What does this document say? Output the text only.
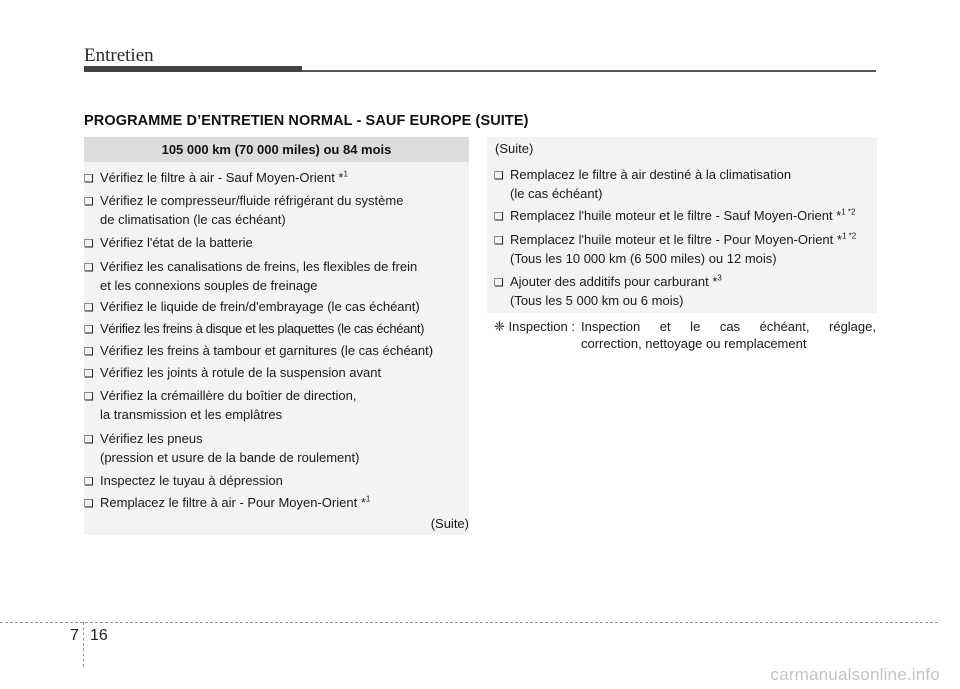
Entretien
PROGRAMME D’ENTRETIEN NORMAL - SAUF EUROPE (SUITE)
105 000 km (70 000 miles) ou 84 mois
❑ Vérifiez le filtre à air - Sauf Moyen-Orient *$^1$
❑ Vérifiez le compresseur/fluide réfrigérant du système
de climatisation (le cas échéant)
❑ Vérifiez l'état de la batterie
❑ Vérifiez les canalisations de freins, les flexibles de frein
et les connexions souples de freinage
❑ Vérifiez le liquide de frein/d'embrayage (le cas échéant)
❑ Vérifiez les freins à disque et les plaquettes (le cas échéant)
❑ Vérifiez les freins à tambour et garnitures (le cas échéant)
❑ Vérifiez les joints à rotule de la suspension avant
❑ Vérifiez la crémaillère du boîtier de direction,
la transmission et les emplâtres
❑ Vérifiez les pneus
(pression et usure de la bande de roulement)
❑ Inspectez le tuyau à dépression
❑ Remplacez le filtre à air - Pour Moyen-Orient *$^1$
(Suite)
(Suite)
❑ Remplacez le filtre à air destiné à la climatisation
(le cas échéant)
❑ Remplacez l'huile moteur et le filtre - Sauf Moyen-Orient *$^{1 *2}$
❑ Remplacez l'huile moteur et le filtre - Pour Moyen-Orient *$^{1 *2}$
(Tous les 10 000 km (6 500 miles) ou 12 mois)
❑ Ajouter des additifs pour carburant *$^3$
(Tous les 5 000 km ou 6 mois)
❈ Inspection : Inspection et le cas échéant, réglage,
correction, nettoyage ou remplacement
7 16
carmanualsonline.info
